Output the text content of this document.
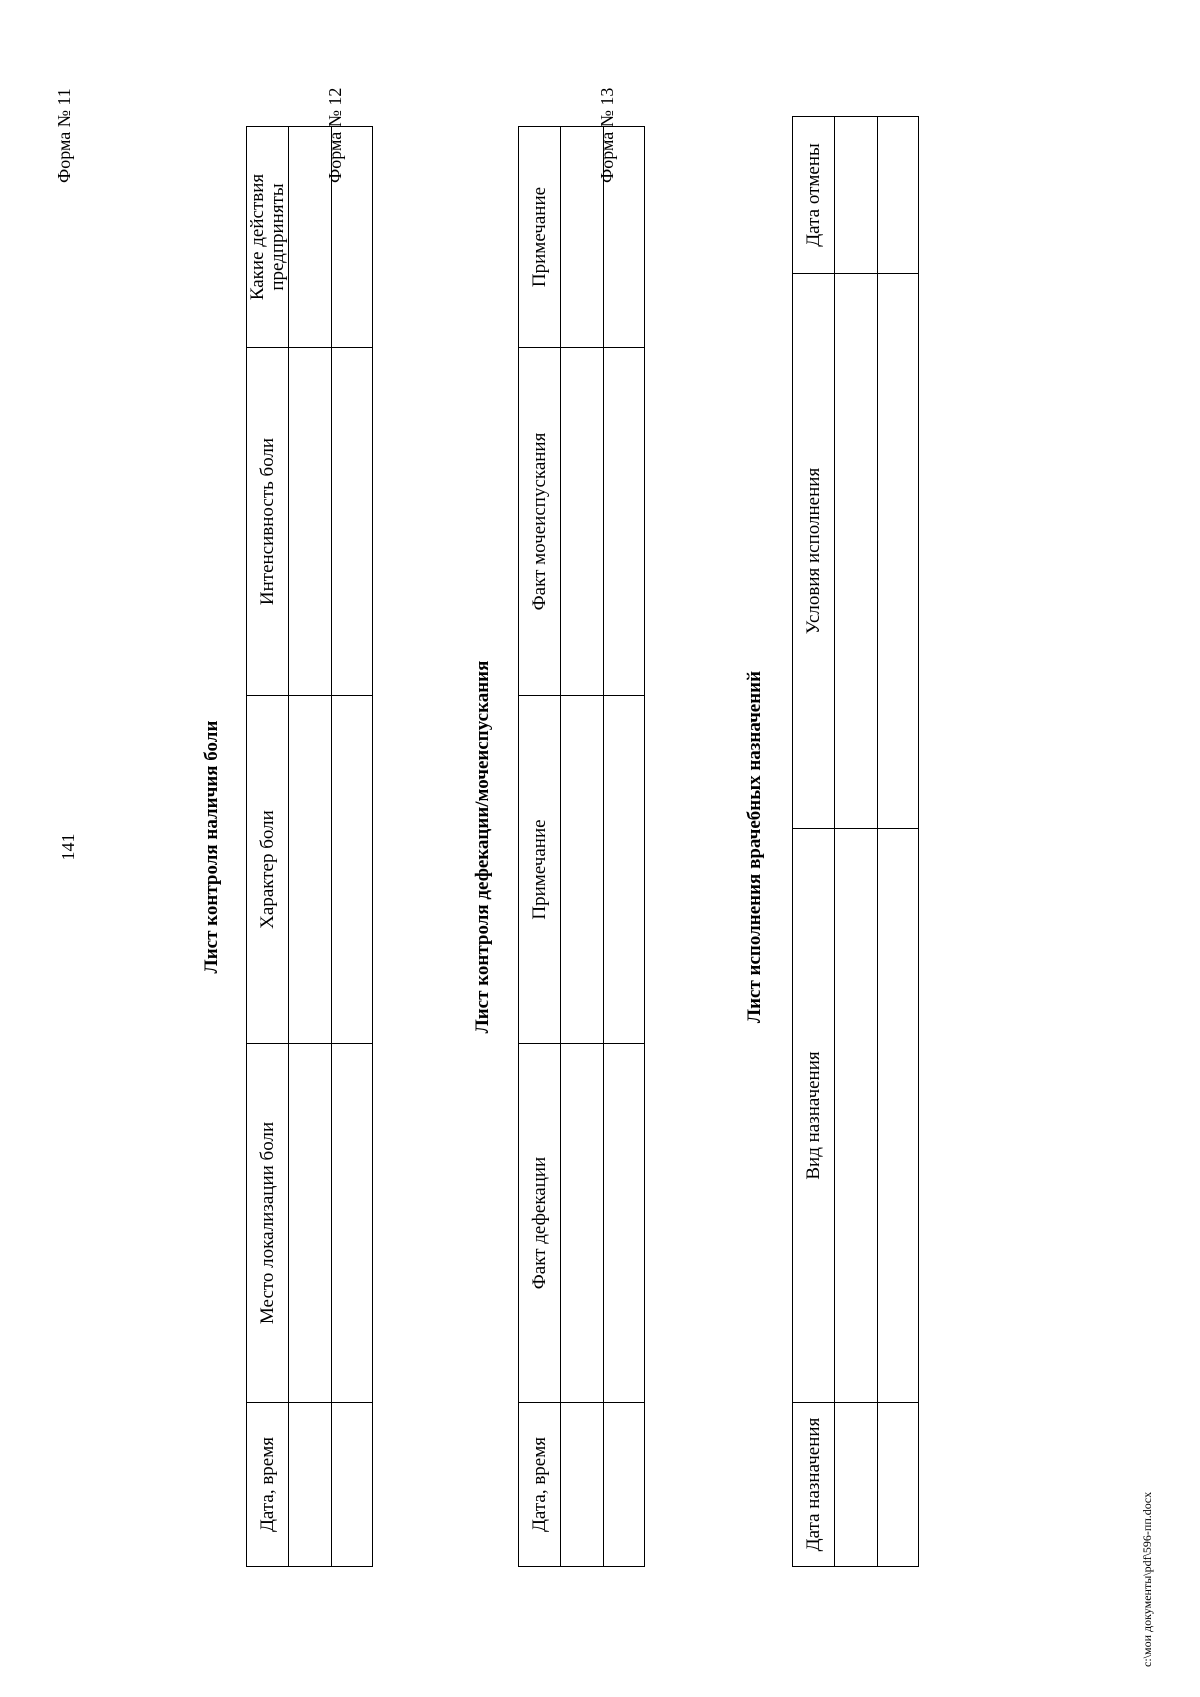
141
Форма № 11
Лист контроля наличия боли
Дата, время	Место локализации боли	Характер боли	Интенсивность боли	Какие действия предприняты

Форма № 12
Лист контроля дефекации/мочеиспускания
Дата, время	Факт дефекации	Примечание	Факт мочеиспускания	Примечание

Форма № 13
Лист исполнения врачебных назначений
Дата назначения	Вид назначения	Условия исполнения	Дата отмены

c:\мои документы\pdf\596-пп.docx
